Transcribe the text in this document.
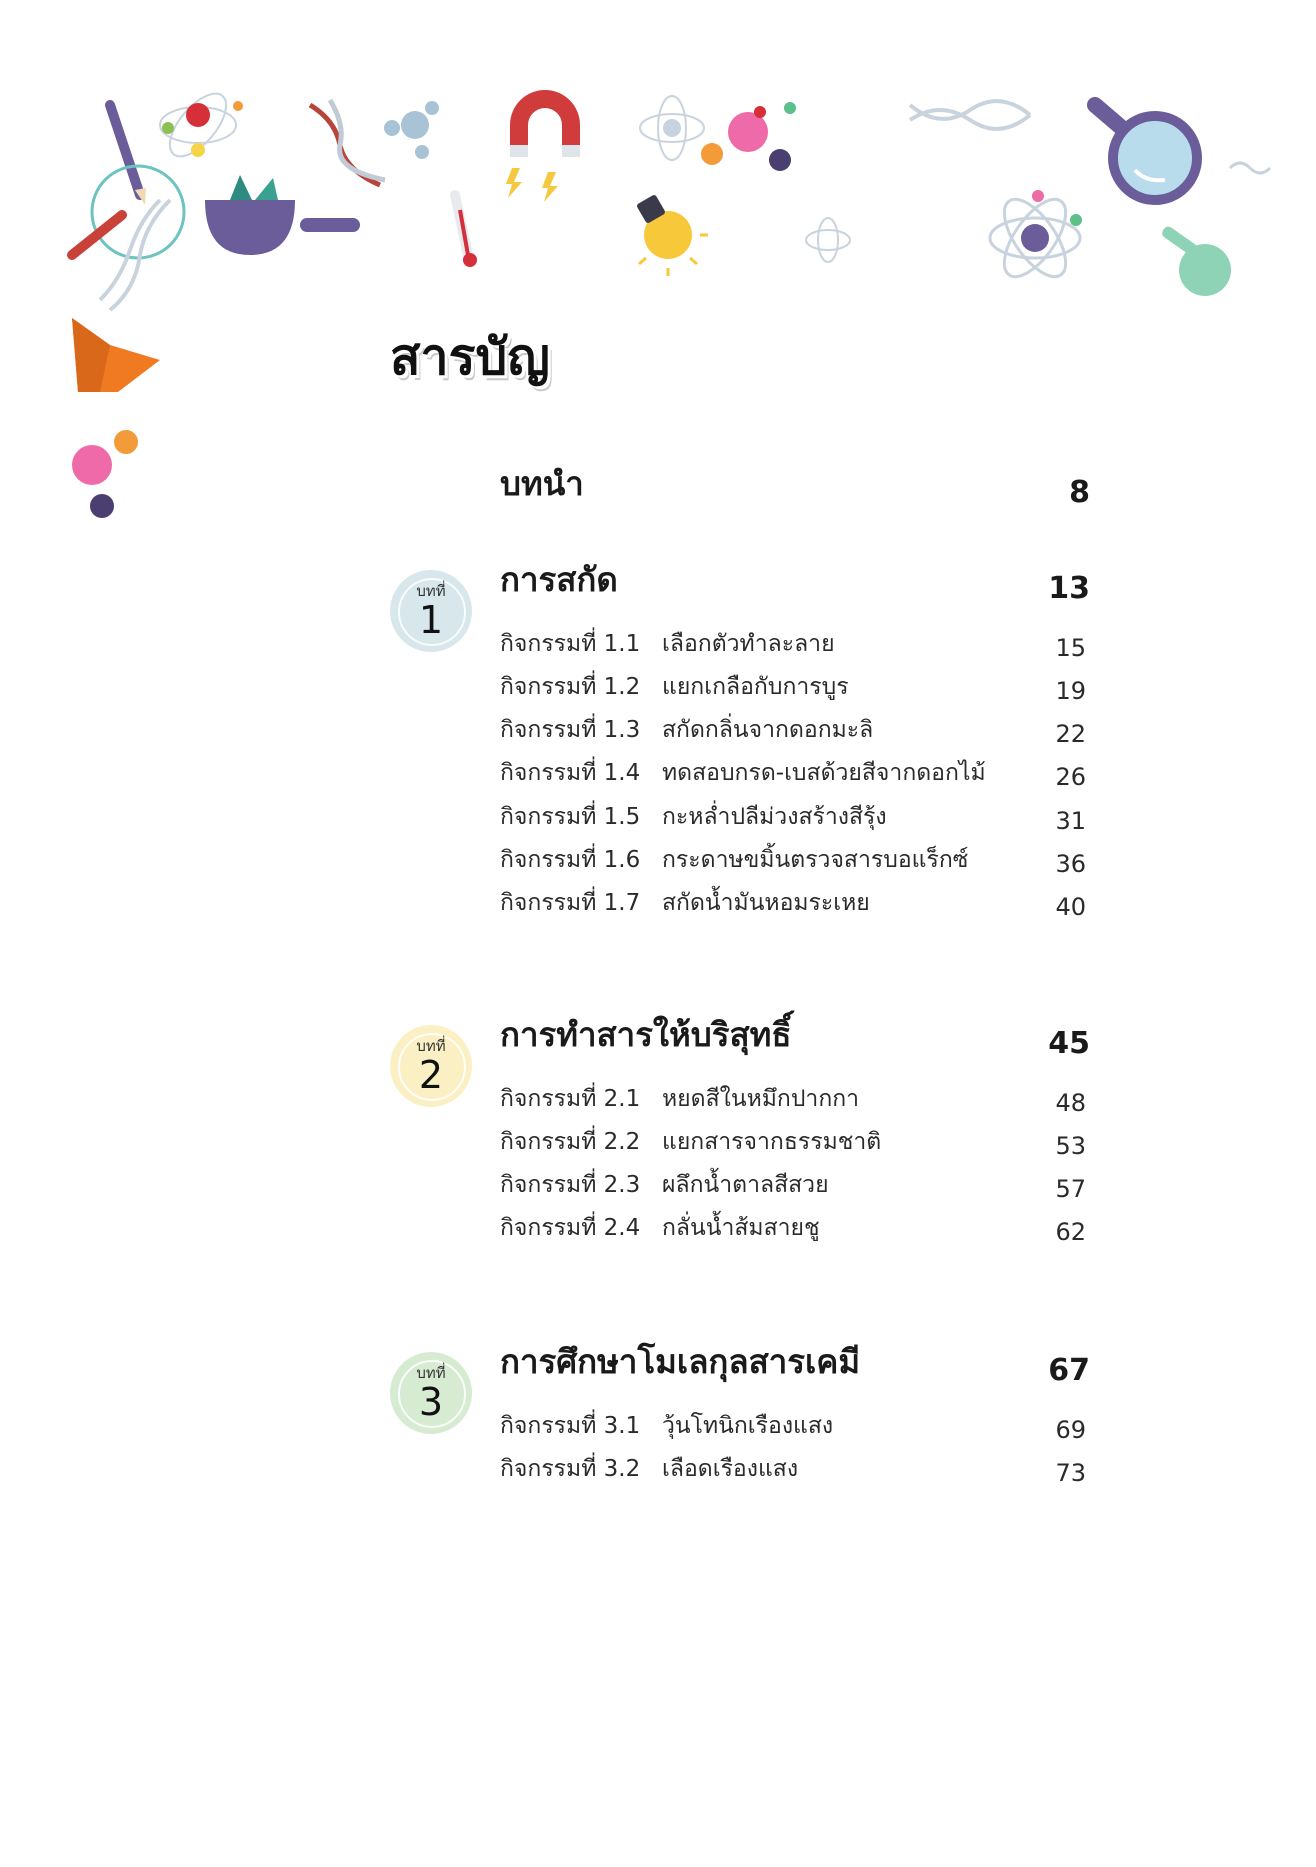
สารบัญ
บทนำ	8
บทที่
1
การสกัด	13
กิจกรรมที่ 1.1 เลือกตัวทำละลาย	15
กิจกรรมที่ 1.2 แยกเกลือกับการบูร	19
กิจกรรมที่ 1.3 สกัดกลิ่นจากดอกมะลิ	22
กิจกรรมที่ 1.4 ทดสอบกรด-เบสด้วยสีจากดอกไม้	26
กิจกรรมที่ 1.5 กะหล่ำปลีม่วงสร้างสีรุ้ง	31
กิจกรรมที่ 1.6 กระดาษขมิ้นตรวจสารบอแร็กซ์	36
กิจกรรมที่ 1.7 สกัดน้ำมันหอมระเหย	40
บทที่
2
การทำสารให้บริสุทธิ์	45
กิจกรรมที่ 2.1 หยดสีในหมึกปากกา	48
กิจกรรมที่ 2.2 แยกสารจากธรรมชาติ	53
กิจกรรมที่ 2.3 ผลึกน้ำตาลสีสวย	57
กิจกรรมที่ 2.4 กลั่นน้ำส้มสายชู	62
บทที่
3
การศึกษาโมเลกุลสารเคมี	67
กิจกรรมที่ 3.1 วุ้นโทนิกเรืองแสง	69
กิจกรรมที่ 3.2 เลือดเรืองแสง	73
